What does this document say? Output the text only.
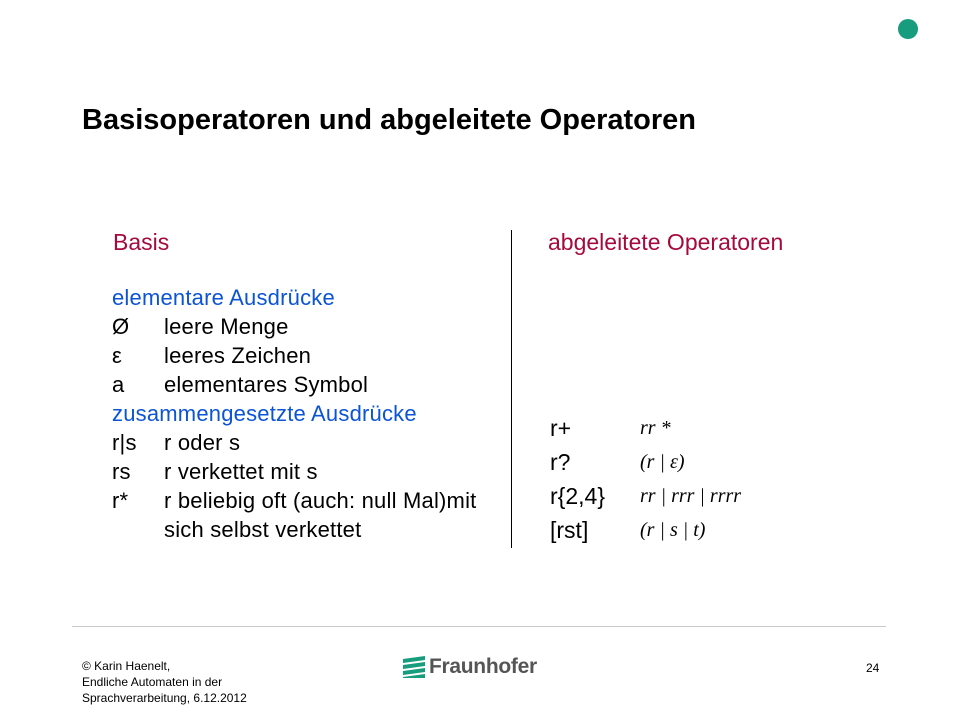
Basisoperatoren und abgeleitete Operatoren
Basis	abgeleitete Operatoren
elementare Ausdrücke
Ø	leere Menge
ε	leeres Zeichen
a	elementares Symbol
zusammengesetzte Ausdrücke
r|s	r oder s
rs	r verkettet mit s
r*	r beliebig oft (auch: null Mal)mit
sich selbst verkettet
r+	rr *
r?	(r | ε)
r{2,4}	rr | rrr | rrrr
[rst]	(r | s | t)
© Karin Haenelt,
Endliche Automaten in der
Sprachverarbeitung, 6.12.2012
Fraunhofer	24
